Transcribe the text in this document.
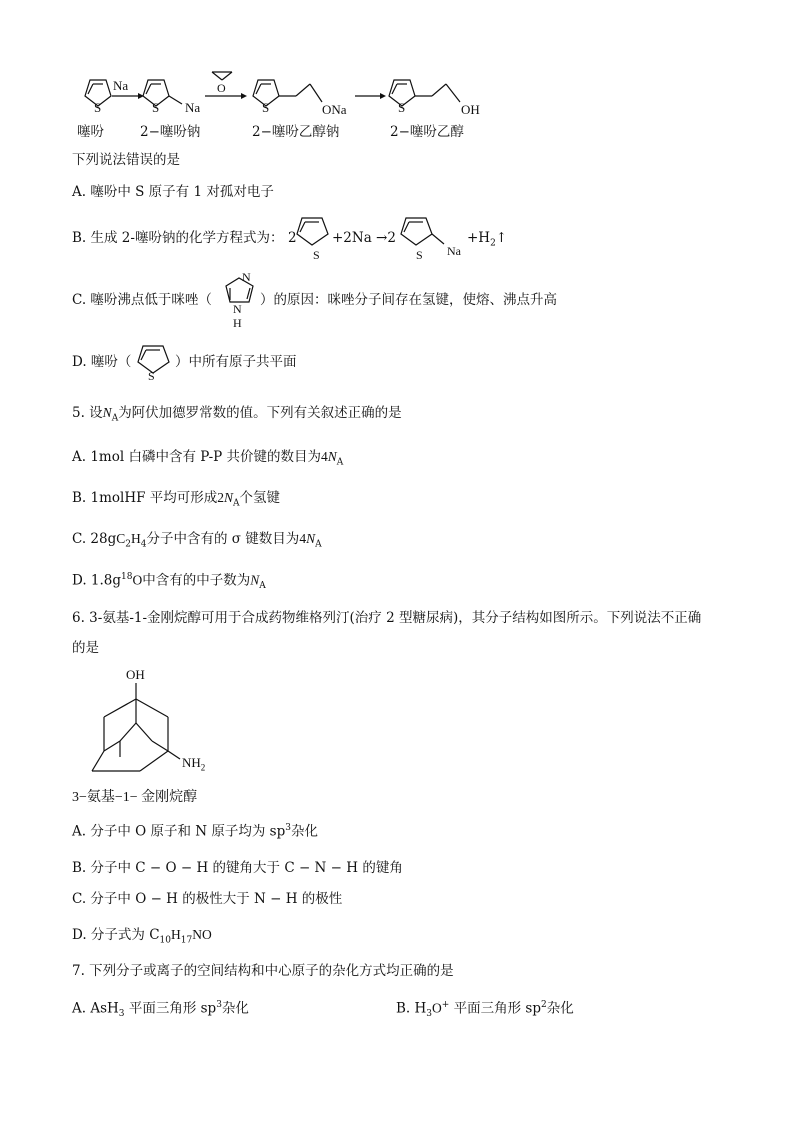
S
Na
S Na
O
S	ONa	S	OH
噻吩	2−噻吩钠	2−噻吩乙醇钠	2−噻吩乙醇
下列说法错误的是
A. 噻吩中 S 原子有 1 对孤对电子
B. 生成 2-噻吩钠的化学方程式为： 2
S
+2Na →2
S Na
$+H_2↑$
C. 噻吩沸点低于咪唑（
N
N
H
）的原因：咪唑分子间存在氢键，使熔、沸点升高
D. 噻吩（
S
）中所有原子共平面
5. 设$N_A$为阿伏加德罗常数的值。下列有关叙述正确的是
A. 1mol 白磷中含有 P-P 共价键的数目为$4N_A$
B. 1molHF 平均可形成$2N_A$个氢键
C. $28gC_2H_4$分子中含有的 σ 键数目为$4N_A$
D. $1.8g^{18}O$中含有的中子数为$N_A$
6. 3-氨基-1-金刚烷醇可用于合成药物维格列汀(治疗 2 型糖尿病)，其分子结构如图所示。下列说法不正确
的是
OH
$NH_2$
3−氨基−1− 金刚烷醇
A. 分子中 O 原子和 N 原子均为 $sp^3$杂化
B. 分子中 C − O − H 的键角大于 C − N − H 的键角
C. 分子中 O − H 的极性大于 N − H 的极性
D. 分子式为 $C_{10}H_{17}NO$
7. 下列分子或离子的空间结构和中心原子的杂化方式均正确的是
A. AsH$_3$ 平面三角形 $sp^3$杂化	B. $H_3O^+$ 平面三角形 $sp^2$杂化
